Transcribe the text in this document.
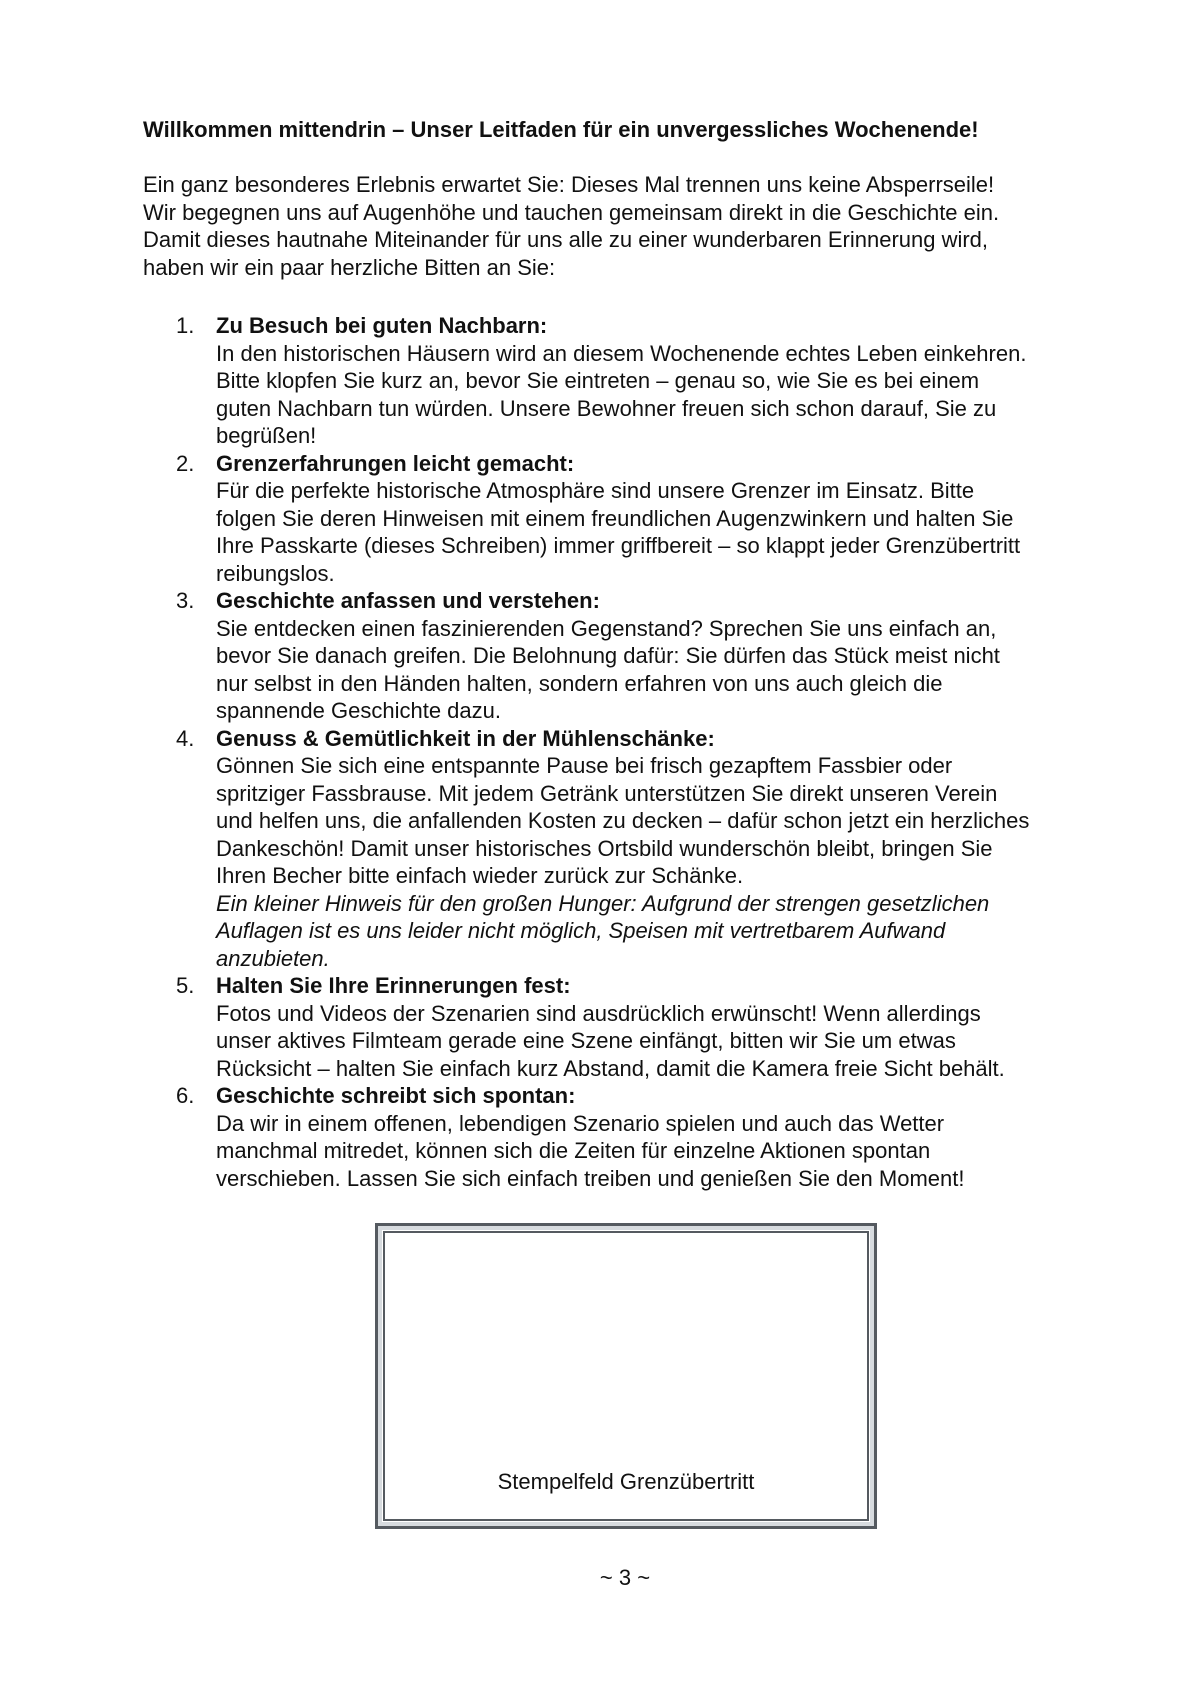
Willkommen mittendrin – Unser Leitfaden für ein unvergessliches Wochenende!
Ein ganz besonderes Erlebnis erwartet Sie: Dieses Mal trennen uns keine Absperrseile!
Wir begegnen uns auf Augenhöhe und tauchen gemeinsam direkt in die Geschichte ein.
Damit dieses hautnahe Miteinander für uns alle zu einer wunderbaren Erinnerung wird,
haben wir ein paar herzliche Bitten an Sie:
1. Zu Besuch bei guten Nachbarn:
In den historischen Häusern wird an diesem Wochenende echtes Leben einkehren.
Bitte klopfen Sie kurz an, bevor Sie eintreten – genau so, wie Sie es bei einem
guten Nachbarn tun würden. Unsere Bewohner freuen sich schon darauf, Sie zu
begrüßen!
2. Grenzerfahrungen leicht gemacht:
Für die perfekte historische Atmosphäre sind unsere Grenzer im Einsatz. Bitte
folgen Sie deren Hinweisen mit einem freundlichen Augenzwinkern und halten Sie
Ihre Passkarte (dieses Schreiben) immer griffbereit – so klappt jeder Grenzübertritt
reibungslos.
3. Geschichte anfassen und verstehen:
Sie entdecken einen faszinierenden Gegenstand? Sprechen Sie uns einfach an,
bevor Sie danach greifen. Die Belohnung dafür: Sie dürfen das Stück meist nicht
nur selbst in den Händen halten, sondern erfahren von uns auch gleich die
spannende Geschichte dazu.
4. Genuss & Gemütlichkeit in der Mühlenschänke:
Gönnen Sie sich eine entspannte Pause bei frisch gezapftem Fassbier oder
spritziger Fassbrause. Mit jedem Getränk unterstützen Sie direkt unseren Verein
und helfen uns, die anfallenden Kosten zu decken – dafür schon jetzt ein herzliches
Dankeschön! Damit unser historisches Ortsbild wunderschön bleibt, bringen Sie
Ihren Becher bitte einfach wieder zurück zur Schänke.
Ein kleiner Hinweis für den großen Hunger: Aufgrund der strengen gesetzlichen
Auflagen ist es uns leider nicht möglich, Speisen mit vertretbarem Aufwand
anzubieten.
5. Halten Sie Ihre Erinnerungen fest:
Fotos und Videos der Szenarien sind ausdrücklich erwünscht! Wenn allerdings
unser aktives Filmteam gerade eine Szene einfängt, bitten wir Sie um etwas
Rücksicht – halten Sie einfach kurz Abstand, damit die Kamera freie Sicht behält.
6. Geschichte schreibt sich spontan:
Da wir in einem offenen, lebendigen Szenario spielen und auch das Wetter
manchmal mitredet, können sich die Zeiten für einzelne Aktionen spontan
verschieben. Lassen Sie sich einfach treiben und genießen Sie den Moment!
Stempelfeld Grenzübertritt
~ 3 ~
